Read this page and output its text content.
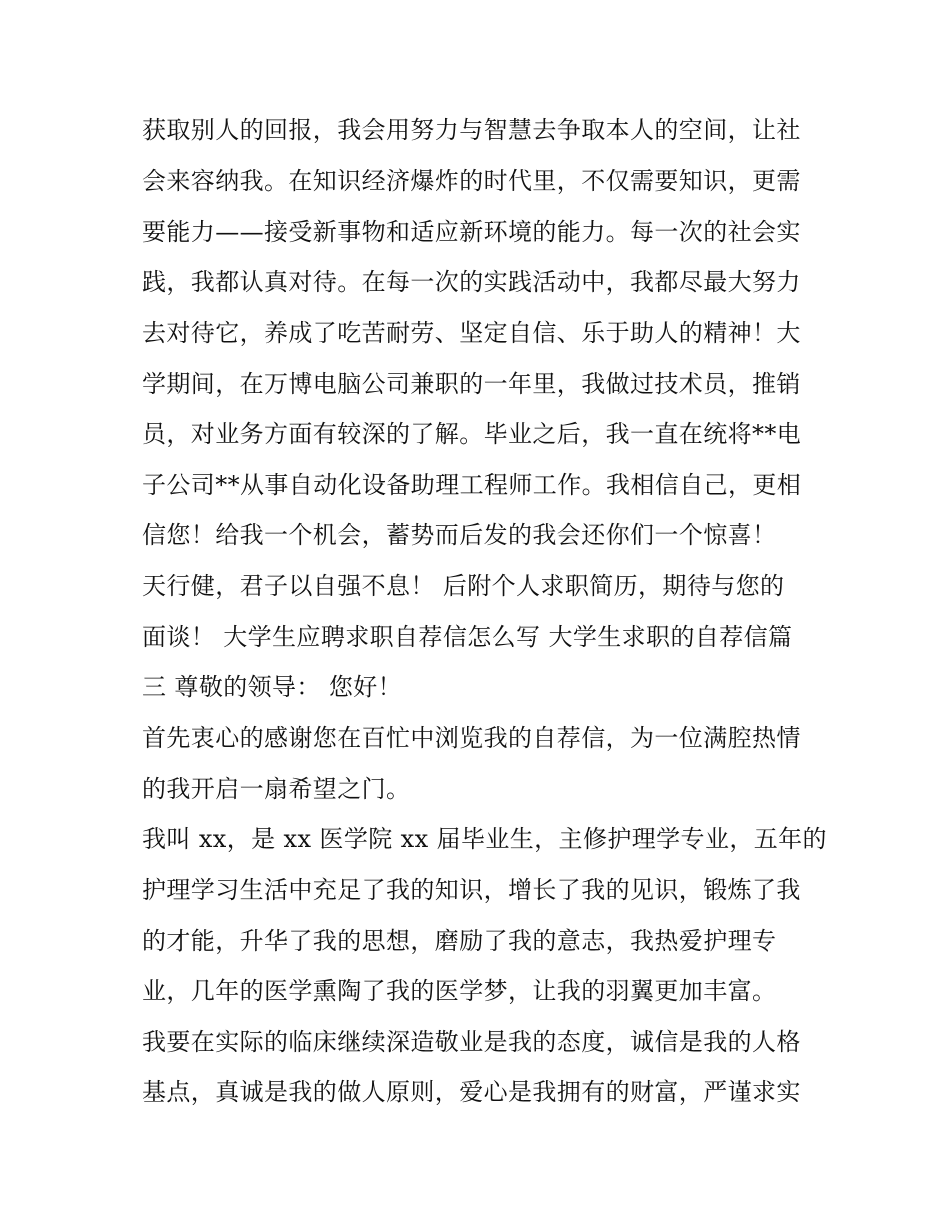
获取别人的回报，我会用努力与智慧去争取本人的空间，让社
会来容纳我。在知识经济爆炸的时代里，不仅需要知识，更需
要能力——接受新事物和适应新环境的能力。每一次的社会实
践，我都认真对待。在每一次的实践活动中，我都尽最大努力
去对待它，养成了吃苦耐劳、坚定自信、乐于助人的精神！大
学期间，在万博电脑公司兼职的一年里，我做过技术员，推销
员，对业务方面有较深的了解。毕业之后，我一直在统将**电
子公司**从事自动化设备助理工程师工作。我相信自己，更相
信您！给我一个机会，蓄势而后发的我会还你们一个惊喜！
天行健，君子以自强不息！ 后附个人求职简历，期待与您的
面谈！ 大学生应聘求职自荐信怎么写 大学生求职的自荐信篇
三 尊敬的领导： 您好！
首先衷心的感谢您在百忙中浏览我的自荐信，为一位满腔热情
的我开启一扇希望之门。
我叫 xx，是 xx 医学院 xx 届毕业生，主修护理学专业，五年的
护理学习生活中充足了我的知识，增长了我的见识，锻炼了我
的才能，升华了我的思想，磨励了我的意志，我热爱护理专
业，几年的医学熏陶了我的医学梦，让我的羽翼更加丰富。
我要在实际的临床继续深造敬业是我的态度，诚信是我的人格
基点，真诚是我的做人原则，爱心是我拥有的财富，严谨求实
